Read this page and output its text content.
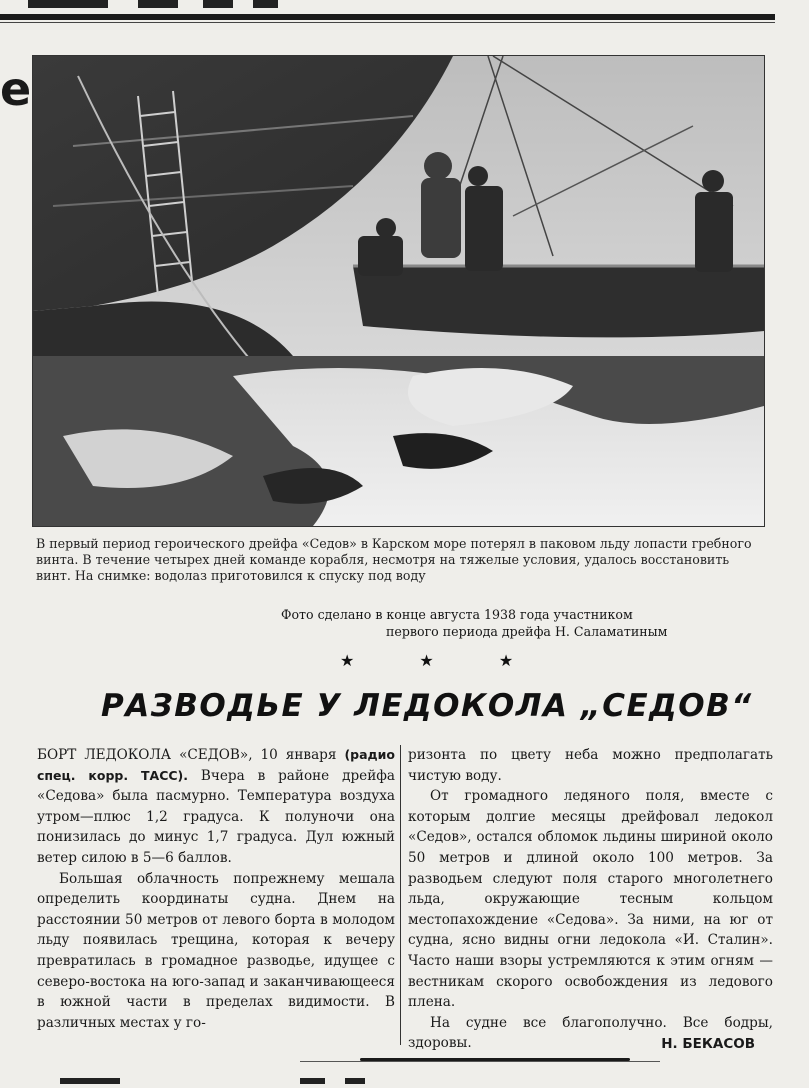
е

В первый период героического дрейфа «Седов» в Карском море потерял в паковом льду лопасти гребного винта. В течение четырех дней команде корабля, несмотря на тяжелые условия, удалось восстановить винт. На снимке: водолаз приготовился к спуску под воду

Фото сделано в конце августа 1938 года участником
первого периода дрейфа Н. Саламатиным
★ ★ ★
РАЗВОДЬЕ У ЛЕДОКОЛА „СЕДОВ“

БОРТ ЛЕДОКОЛА «СЕДОВ», 10 января (радио спец. корр. ТАСС). Вчера в районе дрейфа «Седова» была пасмурно. Температура воздуха утром—плюс 1,2 градуса. К полуночи она понизилась до минус 1,7 градуса. Дул южный ветер силою в 5—6 баллов.

Большая облачность попрежнему мешала определить координаты судна. Днем на расстоянии 50 метров от левого борта в молодом льду появилась трещина, которая к вечеру превратилась в громадное разводье, идущее с северо-востока на юго-запад и заканчивающееся в южной части в пределах видимости. В различных местах у го-

ризонта по цвету неба можно предполагать чистую воду.

От громадного ледяного поля, вместе с которым долгие месяцы дрейфовал ледокол «Седов», остался обломок льдины шириной около 50 метров и длиной около 100 метров. За разводьем следуют поля старого многолетнего льда, окружающие тесным кольцом местопахождение «Седова». За ними, на юг от судна, ясно видны огни ледокола «И. Сталин». Часто наши взоры устремляются к этим огням — вестникам скорого освобождения из ледового плена.

На судне все благополучно. Все бодры, здоровы.	Н. БЕКАСОВ
